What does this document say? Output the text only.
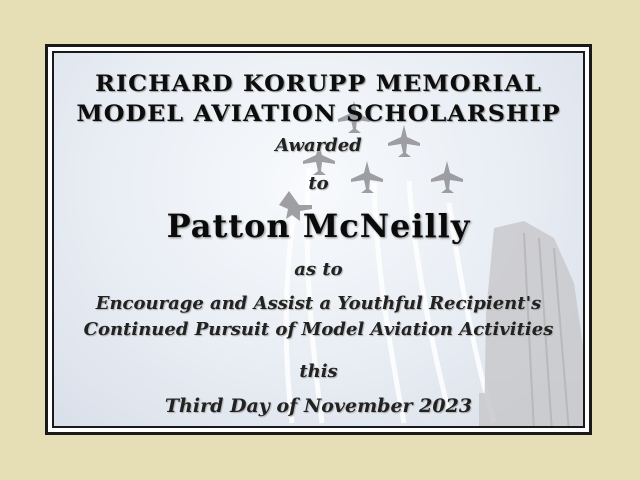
RICHARD KORUPP MEMORIAL
MODEL AVIATION SCHOLARSHIP
Awarded
to
Patton McNeilly
as to
Encourage and Assist a Youthful Recipient's
Continued Pursuit of Model Aviation Activities
this
Third Day of November 2023
